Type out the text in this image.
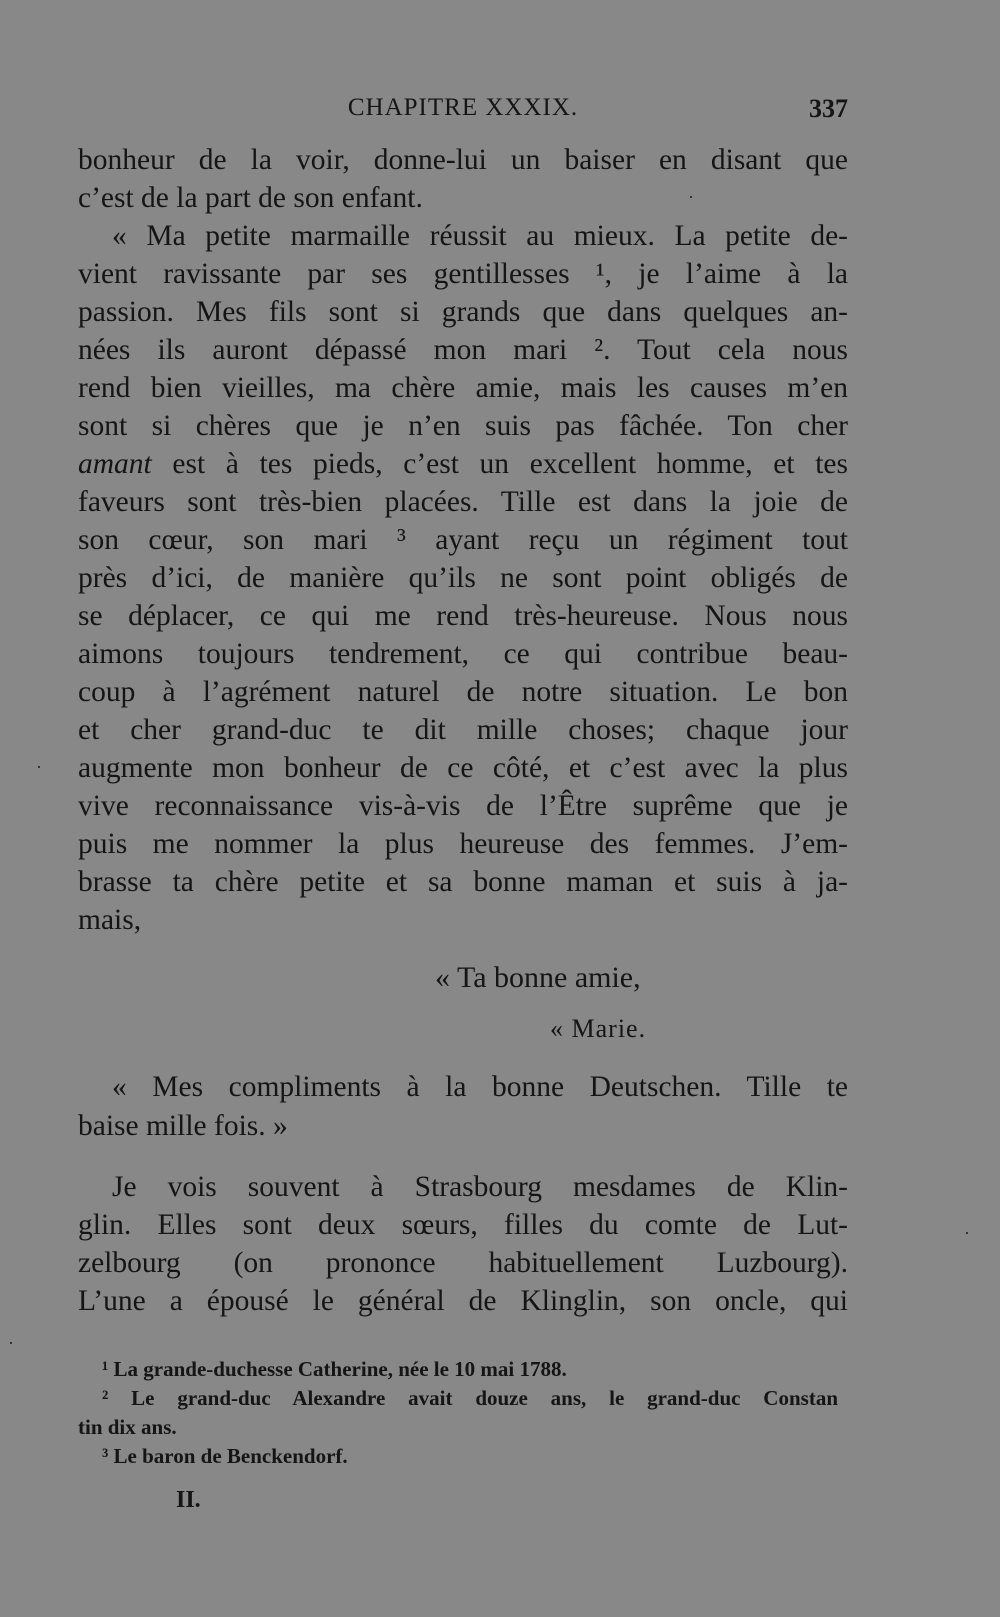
CHAPITRE XXXIX.	337
bonheur de la voir, donne-lui un baiser en disant que
c’est de la part de son enfant.
« Ma petite marmaille réussit au mieux. La petite de-
vient ravissante par ses gentillesses ¹, je l’aime à la
passion. Mes fils sont si grands que dans quelques an-
nées ils auront dépassé mon mari ². Tout cela nous
rend bien vieilles, ma chère amie, mais les causes m’en
sont si chères que je n’en suis pas fâchée. Ton cher
amant est à tes pieds, c’est un excellent homme, et tes
faveurs sont très-bien placées. Tille est dans la joie de
son cœur, son mari ³ ayant reçu un régiment tout
près d’ici, de manière qu’ils ne sont point obligés de
se déplacer, ce qui me rend très-heureuse. Nous nous
aimons toujours tendrement, ce qui contribue beau-
coup à l’agrément naturel de notre situation. Le bon
et cher grand-duc te dit mille choses; chaque jour
augmente mon bonheur de ce côté, et c’est avec la plus
vive reconnaissance vis-à-vis de l’Être suprême que je
puis me nommer la plus heureuse des femmes. J’em-
brasse ta chère petite et sa bonne maman et suis à ja-
mais,
« Ta bonne amie,
« Marie.
« Mes compliments à la bonne Deutschen. Tille te
baise mille fois. »
Je vois souvent à Strasbourg mesdames de Klin-
glin. Elles sont deux sœurs, filles du comte de Lut-
zelbourg (on prononce habituellement Luzbourg).
L’une a épousé le général de Klinglin, son oncle, qui
¹ La grande-duchesse Catherine, née le 10 mai 1788.
² Le grand-duc Alexandre avait douze ans, le grand-duc Constan
tin dix ans.
³ Le baron de Benckendorf.
II.
